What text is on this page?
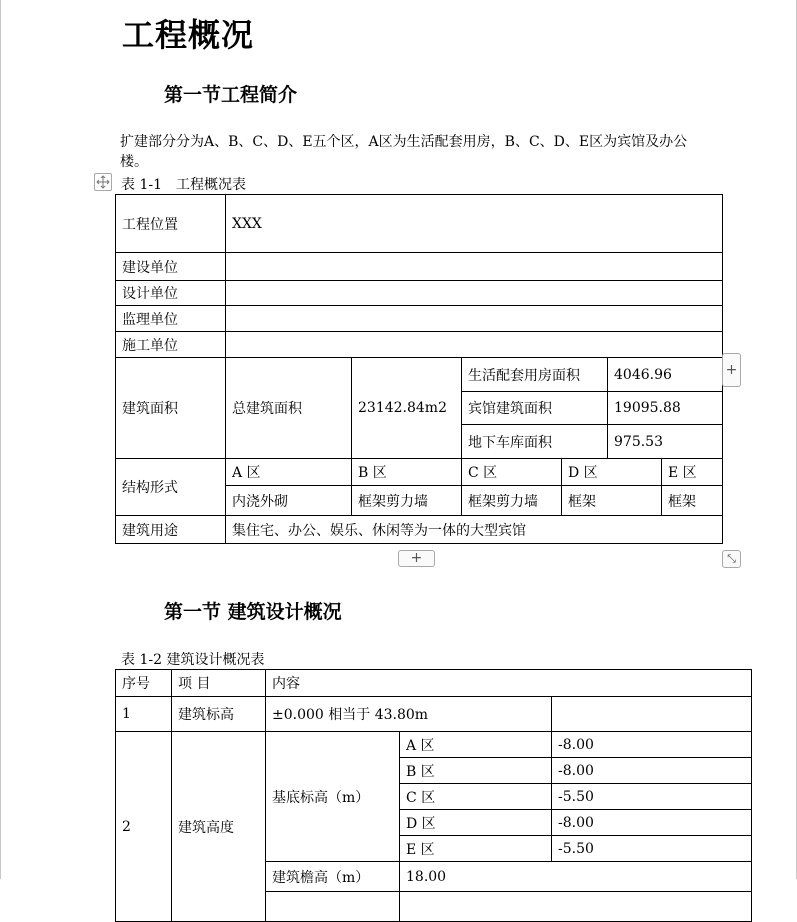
工程概况
第一节工程简介
扩建部分分为A、B、C、D、E五个区，A区为生活配套用房，B、C、D、E区为宾馆及办公楼。
表 1-1　工程概况表
工程位置	XXX					
建设单位						
设计单位						
监理单位						
施工单位						
建筑面积	总建筑面积	23142.84m2	生活配套用房面积		4046.96	
			宾馆建筑面积		19095.88	
			地下车库面积		975.53	
结构形式	A 区	B 区	C 区	D 区		E 区
	内浇外砌	框架剪力墙	框架剪力墙	框架		框架
建筑用途	集住宅、办公、娱乐、休闲等为一体的大型宾馆					
+
+	⤡
第一节 建筑设计概况
表 1-2 建筑设计概况表
序号	项 目	内容		
1	建筑标高	±0.000 相当于 43.80m		
2	建筑高度	基底标高（m）	A 区	-8.00
			B 区	-8.00
			C 区	-5.50
			D 区	-8.00
			E 区	-5.50
		建筑檐高（m）	18.00	
